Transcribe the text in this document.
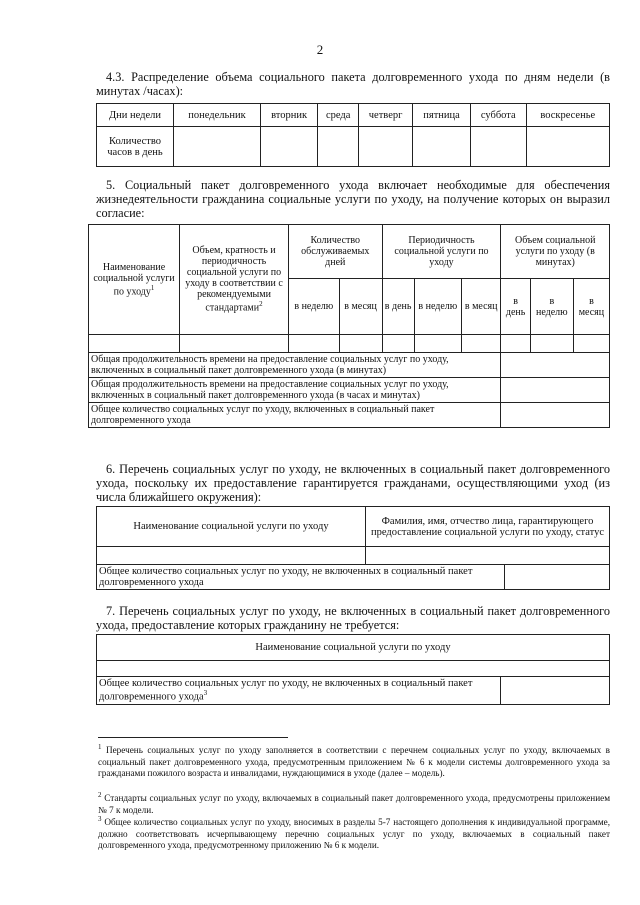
2
4.3. Распределение объема социального пакета долговременного ухода по дням недели (в минутах /часах):
Дни недели	понедельник	вторник	среда	четверг	пятница	суббота	воскресенье
Количество часов в день							
5. Социальный пакет долговременного ухода включает необходимые для обеспечения жизнедеятельности гражданина социальные услуги по уходу, на получение которых он выразил согласие:
Наименование социальной услуги по уходу$^1$	Объем, кратность и периодичность социальной услуги по уходу в соответствии с рекомендуемыми стандартами$^2$	Количество обслуживаемых дней		Периодичность социальной услуги по уходу			Объем социальной услуги по уходу (в минутах)		
		в неделю	в месяц	в день	в неделю	в месяц	в день	в неделю	в месяц

Общая продолжительность времени на предоставление социальных услуг по уходу, включенных в социальный пакет долговременного ухода (в минутах)									
Общая продолжительность времени на предоставление социальных услуг по уходу, включенных в социальный пакет долговременного ухода (в часах и минутах)									
Общее количество социальных услуг по уходу, включенных в социальный пакет долговременного ухода									
6. Перечень социальных услуг по уходу, не включенных в социальный пакет долговременного ухода, поскольку их предоставление гарантируется гражданами, осуществляющими уход (из числа ближайшего окружения):
Наименование социальной услуги по уходу	Фамилия, имя, отчество лица, гарантирующего предоставление социальной услуги по уходу, статус	

Общее количество социальных услуг по уходу, не включенных в социальный пакет долговременного ухода		
7. Перечень социальных услуг по уходу, не включенных в социальный пакет долговременного ухода, предоставление которых гражданину не требуется:
Наименование социальной услуги по уходу

Общее количество социальных услуг по уходу, не включенных в социальный пакет долговременного ухода$^3$	
$^1$ Перечень социальных услуг по уходу заполняется в соответствии с перечнем социальных услуг по уходу, включаемых в социальный пакет долговременного ухода, предусмотренным приложением № 6 к модели системы долговременного ухода за гражданами пожилого возраста и инвалидами, нуждающимися в уходе (далее – модель).
$^2$ Стандарты социальных услуг по уходу, включаемых в социальный пакет долговременного ухода, предусмотрены приложением № 7 к модели.
$^3$ Общее количество социальных услуг по уходу, вносимых в разделы 5-7 настоящего дополнения к индивидуальной программе, должно соответствовать исчерпывающему перечню социальных услуг по уходу, включаемых в социальный пакет долговременного ухода, предусмотренному приложению № 6 к модели.
